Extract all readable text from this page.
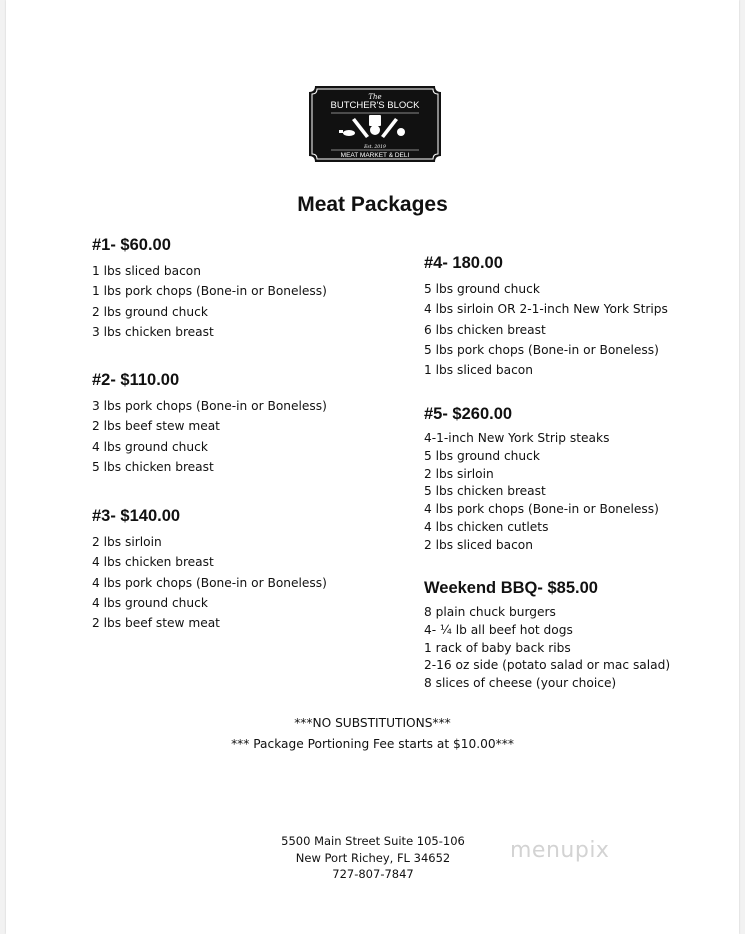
The
BUTCHER'S BLOCK
Est. 2019
MEAT MARKET & DELI
Meat Packages
#1- $60.00
1 lbs sliced bacon
1 lbs pork chops (Bone-in or Boneless)
2 lbs ground chuck
3 lbs chicken breast
#2- $110.00
3 lbs pork chops (Bone-in or Boneless)
2 lbs beef stew meat
4 lbs ground chuck
5 lbs chicken breast
#3- $140.00
2 lbs sirloin
4 lbs chicken breast
4 lbs pork chops (Bone-in or Boneless)
4 lbs ground chuck
2 lbs beef stew meat
#4- 180.00
5 lbs ground chuck
4 lbs sirloin OR 2-1-inch New York Strips
6 lbs chicken breast
5 lbs pork chops (Bone-in or Boneless)
1 lbs sliced bacon
#5- $260.00
4-1-inch New York Strip steaks
5 lbs ground chuck
2 lbs sirloin
5 lbs chicken breast
4 lbs pork chops (Bone-in or Boneless)
4 lbs chicken cutlets
2 lbs sliced bacon
Weekend BBQ- $85.00
8 plain chuck burgers
4- ¼ lb all beef hot dogs
1 rack of baby back ribs
2-16 oz side (potato salad or mac salad)
8 slices of cheese (your choice)
***NO SUBSTITUTIONS***
*** Package Portioning Fee starts at $10.00***
5500 Main Street Suite 105-106
New Port Richey, FL 34652
727-807-7847
menupix
